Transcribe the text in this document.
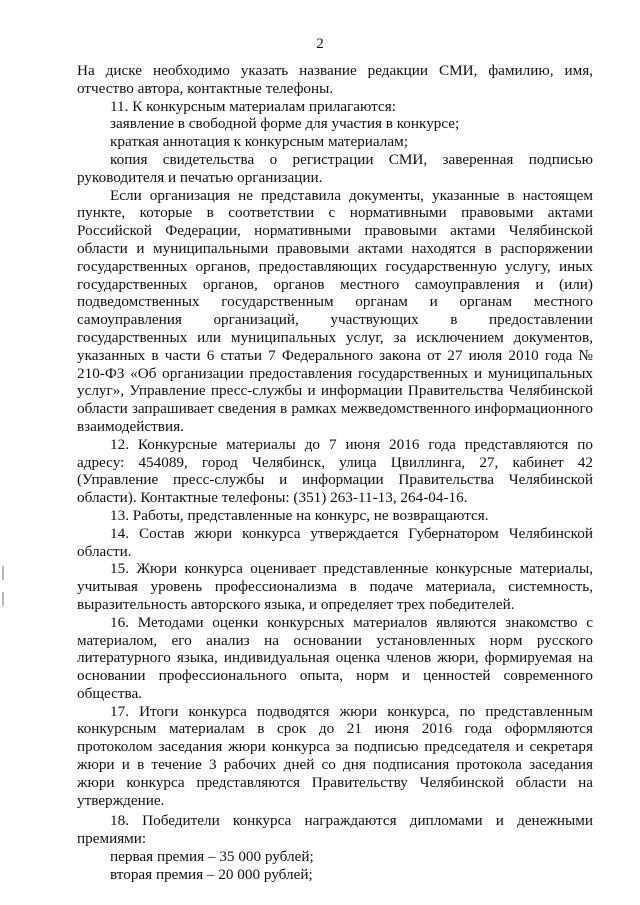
2

На диске необходимо указать название редакции СМИ, фамилию, имя, отчество автора, контактные телефоны.

11. К конкурсным материалам прилагаются:

заявление в свободной форме для участия в конкурсе;

краткая аннотация к конкурсным материалам;

копия свидетельства о регистрации СМИ, заверенная подписью руководителя и печатью организации.

Если организация не представила документы, указанные в настоящем пункте, которые в соответствии с нормативными правовыми актами Российской Федерации, нормативными правовыми актами Челябинской области и муниципальными правовыми актами находятся в распоряжении государственных органов, предоставляющих государственную услугу, иных государственных органов, органов местного самоуправления и (или) подведомственных государственным органам и органам местного самоуправления организаций, участвующих в предоставлении государственных или муниципальных услуг, за исключением документов, указанных в части 6 статьи 7 Федерального закона от 27 июля 2010 года № 210-ФЗ «Об организации предоставления государственных и муниципальных услуг», Управление пресс-службы и информации Правительства Челябинской области запрашивает сведения в рамках межведомственного информационного взаимодействия.

12. Конкурсные материалы до 7 июня 2016 года представляются по адресу: 454089, город Челябинск, улица Цвиллинга, 27, кабинет 42 (Управление пресс-службы и информации Правительства Челябинской области). Контактные телефоны: (351) 263-11-13, 264-04-16.

13. Работы, представленные на конкурс, не возвращаются.

14. Состав жюри конкурса утверждается Губернатором Челябинской области.

15. Жюри конкурса оценивает представленные конкурсные материалы, учитывая уровень профессионализма в подаче материала, системность, выразительность авторского языка, и определяет трех победителей.

16. Методами оценки конкурсных материалов являются знакомство с материалом, его анализ на основании установленных норм русского литературного языка, индивидуальная оценка членов жюри, формируемая на основании профессионального опыта, норм и ценностей современного общества.

17. Итоги конкурса подводятся жюри конкурса, по представленным конкурсным материалам в срок до 21 июня 2016 года оформляются протоколом заседания жюри конкурса за подписью председателя и секретаря жюри и в течение 3 рабочих дней со дня подписания протокола заседания жюри конкурса представляются Правительству Челябинской области на утверждение.

18. Победители конкурса награждаются дипломами и денежными премиями:

первая премия – 35 000 рублей;

вторая премия – 20 000 рублей;
